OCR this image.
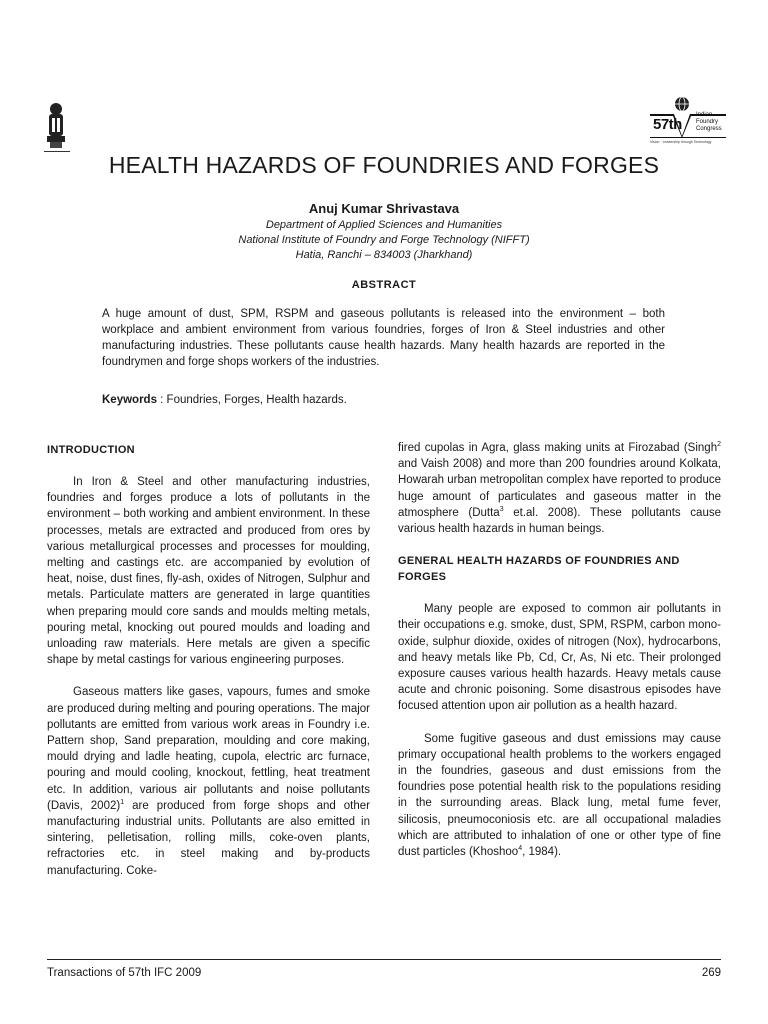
57th
Indian
Foundry
Congress
Vision · Leadership through Technology
HEALTH HAZARDS OF FOUNDRIES AND FORGES
Anuj Kumar Shrivastava
Department of Applied Sciences and Humanities
National Institute of Foundry and Forge Technology (NIFFT)
Hatia, Ranchi – 834003 (Jharkhand)
ABSTRACT

A huge amount of dust, SPM, RSPM and gaseous pollutants is released into the environment – both workplace and ambient environment from various foundries, forges of Iron & Steel industries and other manufacturing industries. These pollutants cause health hazards. Many health hazards are reported in the foundrymen and forge shops workers of the industries.

Keywords : Foundries, Forges, Health hazards.

INTRODUCTION

In Iron & Steel and other manufacturing industries, foundries and forges produce a lots of pollutants in the environment – both working and ambient environment. In these processes, metals are extracted and produced from ores by various metallurgical processes and processes for moulding, melting and castings etc. are accompanied by evolution of heat, noise, dust fines, fly-ash, oxides of Nitrogen, Sulphur and metals. Particulate matters are generated in large quantities when preparing mould core sands and moulds melting metals, pouring metal, knocking out poured moulds and loading and unloading raw materials. Here metals are given a specific shape by metal castings for various engineering purposes.

Gaseous matters like gases, vapours, fumes and smoke are produced during melting and pouring operations. The major pollutants are emitted from various work areas in Foundry i.e. Pattern shop, Sand preparation, moulding and core making, mould drying and ladle heating, cupola, electric arc furnace, pouring and mould cooling, knockout, fettling, heat treatment etc. In addition, various air pollutants and noise pollutants (Davis, 2002)$^1$ are produced from forge shops and other manufacturing industrial units. Pollutants are also emitted in sintering, pelletisation, rolling mills, coke-oven plants, refractories etc. in steel making and by-products manufacturing. Coke-

fired cupolas in Agra, glass making units at Firozabad (Singh$^2$ and Vaish 2008) and more than 200 foundries around Kolkata, Howarah urban metropolitan complex have reported to produce huge amount of particulates and gaseous matter in the atmosphere (Dutta$^3$ et.al. 2008). These pollutants cause various health hazards in human beings.

GENERAL HEALTH HAZARDS OF FOUNDRIES AND FORGES

Many people are exposed to common air pollutants in their occupations e.g. smoke, dust, SPM, RSPM, carbon mono-oxide, sulphur dioxide, oxides of nitrogen (Nox), hydrocarbons, and heavy metals like Pb, Cd, Cr, As, Ni etc. Their prolonged exposure causes various health hazards. Heavy metals cause acute and chronic poisoning. Some disastrous episodes have focused attention upon air pollution as a health hazard.

Some fugitive gaseous and dust emissions may cause primary occupational health problems to the workers engaged in the foundries, gaseous and dust emissions from the foundries pose potential health risk to the populations residing in the surrounding areas. Black lung, metal fume fever, silicosis, pneumoconiosis etc. are all occupational maladies which are attributed to inhalation of one or other type of fine dust particles (Khoshoo$^4$, 1984).

Transactions of 57th IFC 2009	269
